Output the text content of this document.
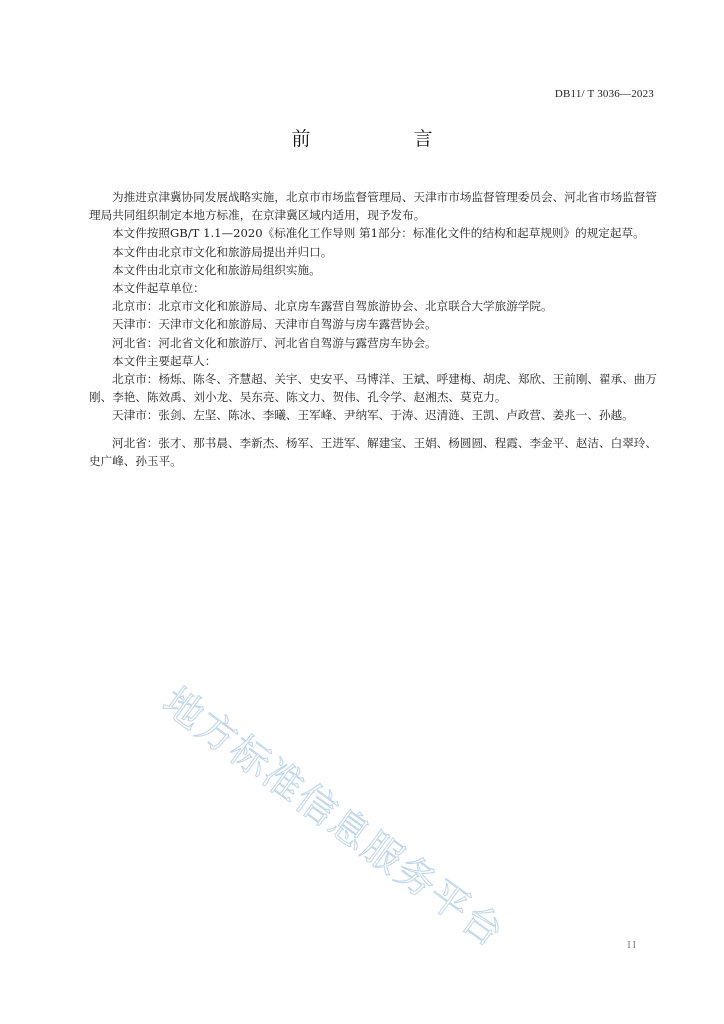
DB11/ T 3036—2023
前　言

为推进京津冀协同发展战略实施，北京市市场监督管理局、天津市市场监督管理委员会、河北省市场监督管理局共同组织制定本地方标准，在京津冀区域内适用，现予发布。

本文件按照GB/T 1.1—2020《标准化工作导则 第1部分：标准化文件的结构和起草规则》的规定起草。

本文件由北京市文化和旅游局提出并归口。

本文件由北京市文化和旅游局组织实施。

本文件起草单位：

北京市：北京市文化和旅游局、北京房车露营自驾旅游协会、北京联合大学旅游学院。

天津市：天津市文化和旅游局、天津市自驾游与房车露营协会。

河北省：河北省文化和旅游厅、河北省自驾游与露营房车协会。

本文件主要起草人：

北京市：杨烁、陈冬、齐慧超、关宇、史安平、马博洋、王斌、呼建梅、胡虎、郑欣、王前刚、翟承、曲万刚、李艳、陈效禹、刘小龙、吴东亮、陈文力、贺伟、孔令学、赵湘杰、莫克力。

天津市：张剑、左坚、陈冰、李曦、王军峰、尹纳军、于涛、迟清涟、王凯、卢政营、姜兆一、孙越。

河北省：张才、那书晨、李新杰、杨军、王进军、解建宝、王娟、杨圆圆、程霞、李金平、赵洁、白翠玲、史广峰、孙玉平。

地方标准信息服务平台	II
